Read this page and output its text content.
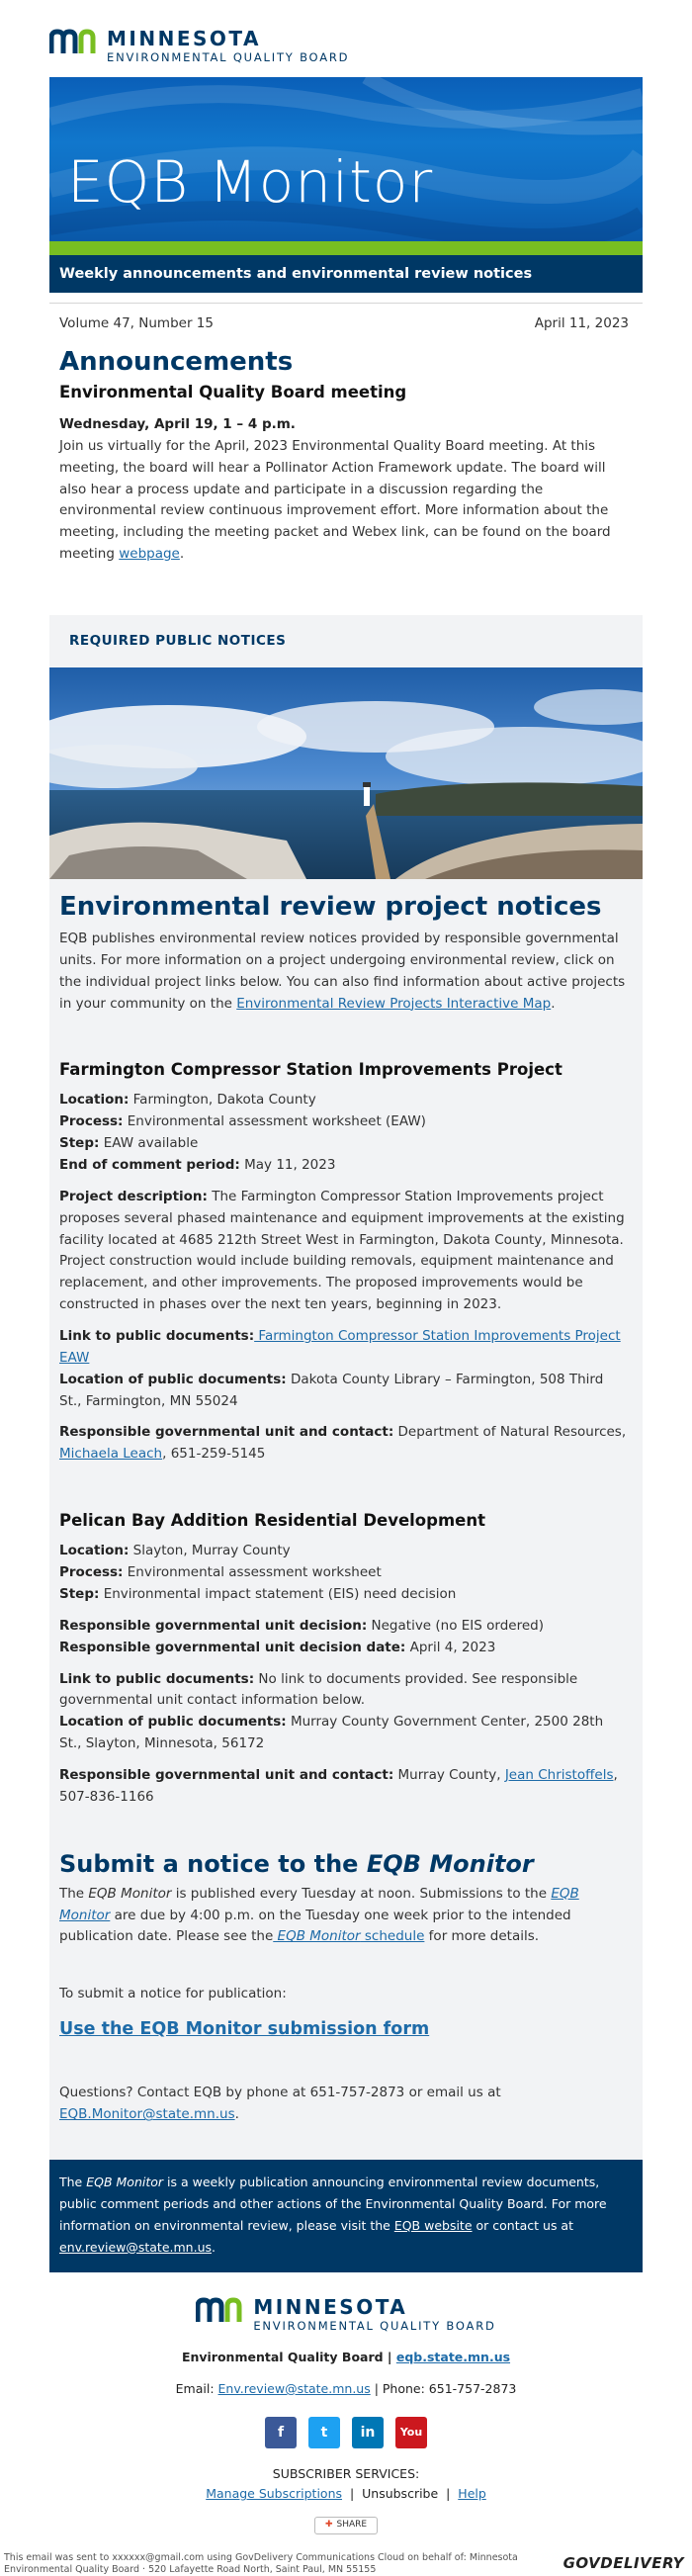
MINNESOTA
ENVIRONMENTAL QUALITY BOARD
EQB Monitor
Weekly announcements and environmental review notices
Volume 47, Number 15	April 11, 2023
Announcements
Environmental Quality Board meeting

Wednesday, April 19, 1 – 4 p.m.
Join us virtually for the April, 2023 Environmental Quality Board meeting. At this meeting, the board will hear a Pollinator Action Framework update. The board will also hear a process update and participate in a discussion regarding the environmental review continuous improvement effort. More information about the meeting, including the meeting packet and Webex link, can be found on the board meeting webpage.

REQUIRED PUBLIC NOTICES
Environmental review project notices

EQB publishes environmental review notices provided by responsible governmental units. For more information on a project undergoing environmental review, click on the individual project links below. You can also find information about active projects in your community on the Environmental Review Projects Interactive Map.

Farmington Compressor Station Improvements Project
Location: Farmington, Dakota County
Process: Environmental assessment worksheet (EAW)
Step: EAW available
End of comment period: May 11, 2023

Project description: The Farmington Compressor Station Improvements project proposes several phased maintenance and equipment improvements at the existing facility located at 4685 212th Street West in Farmington, Dakota County, Minnesota. Project construction would include building removals, equipment maintenance and replacement, and other improvements. The proposed improvements would be constructed in phases over the next ten years, beginning in 2023.

Link to public documents: Farmington Compressor Station Improvements Project EAW
Location of public documents: Dakota County Library – Farmington, 508 Third St., Farmington, MN 55024
Responsible governmental unit and contact: Department of Natural Resources, Michaela Leach, 651-259-5145
Pelican Bay Addition Residential Development
Location: Slayton, Murray County
Process: Environmental assessment worksheet
Step: Environmental impact statement (EIS) need decision
Responsible governmental unit decision: Negative (no EIS ordered)
Responsible governmental unit decision date: April 4, 2023

Link to public documents: No link to documents provided. See responsible governmental unit contact information below.

Location of public documents: Murray County Government Center, 2500 28th St., Slayton, Minnesota, 56172

Responsible governmental unit and contact: Murray County, Jean Christoffels, 507-836-1166

Submit a notice to the EQB Monitor

The EQB Monitor is published every Tuesday at noon. Submissions to the EQB Monitor are due by 4:00 p.m. on the Tuesday one week prior to the intended publication date. Please see the EQB Monitor schedule for more details.

To submit a notice for publication:

Use the EQB Monitor submission form

Questions? Contact EQB by phone at 651-757-2873 or email us at EQB.Monitor@state.mn.us.

The EQB Monitor is a weekly publication announcing environmental review documents, public comment periods and other actions of the Environmental Quality Board. For more information on environmental review, please visit the EQB website or contact us at env.review@state.mn.us.
MINNESOTA
ENVIRONMENTAL QUALITY BOARD
Environmental Quality Board | eqb.state.mn.us
Email: Env.review@state.mn.us | Phone: 651-757-2873
f	t	in	You
SUBSCRIBER SERVICES:
Manage Subscriptions  |  Unsubscribe  |  Help
✚ SHARE
This email was sent to xxxxxx@gmail.com using GovDelivery Communications Cloud on behalf of: Minnesota Environmental Quality Board · 520 Lafayette Road North, Saint Paul, MN 55155	GOVDELIVERY
